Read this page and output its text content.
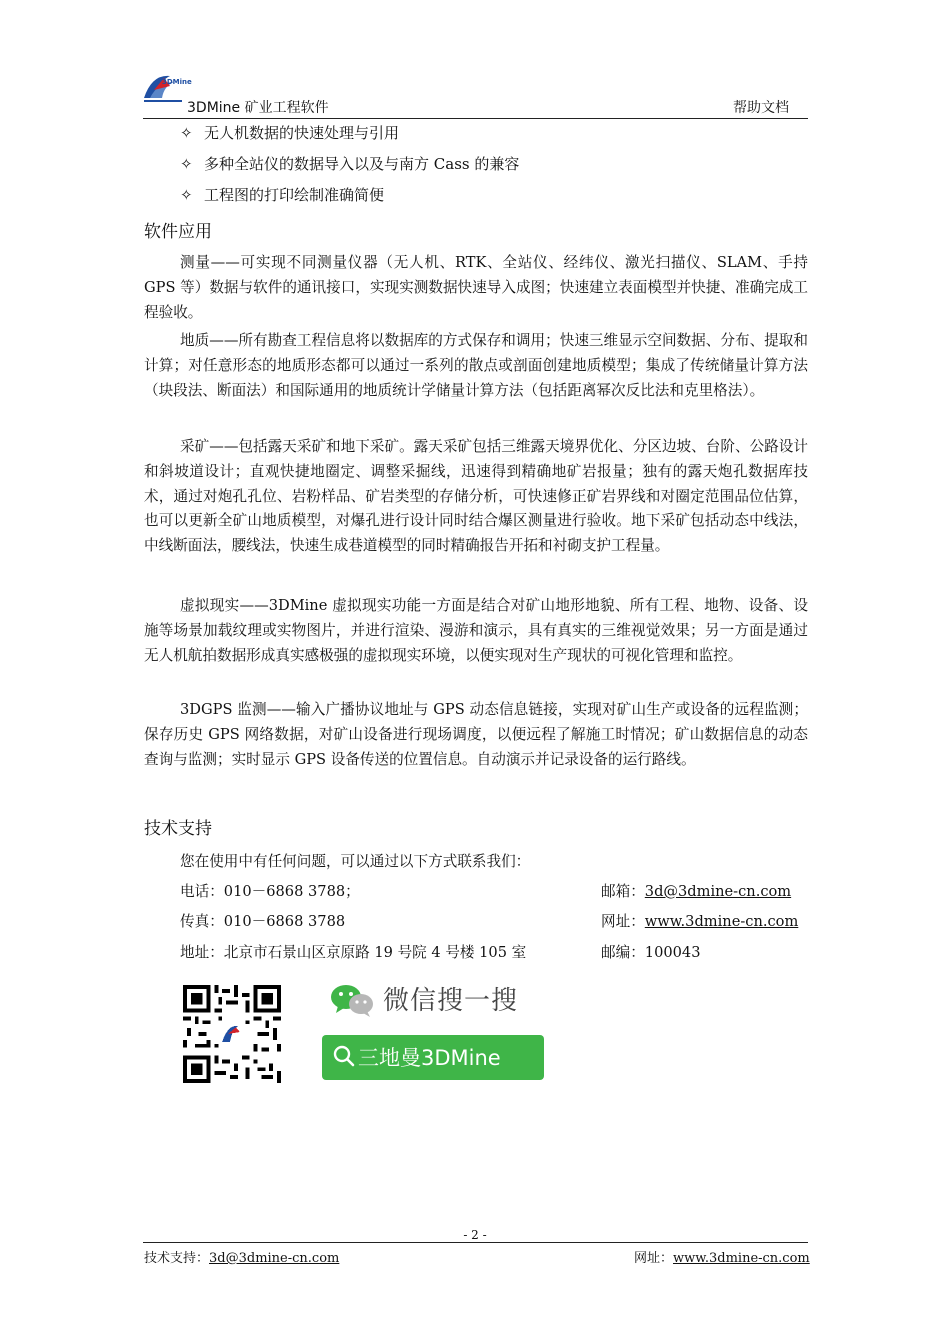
3DMine
3DMine 矿业工程软件	帮助文档
✧ 无人机数据的快速处理与引用
✧ 多种全站仪的数据导入以及与南方 Cass 的兼容
✧ 工程图的打印绘制准确简便
软件应用
测量——可实现不同测量仪器（无人机、RTK、全站仪、经纬仪、激光扫描仪、SLAM、手持 GPS 等）数据与软件的通讯接口，实现实测数据快速导入成图；快速建立表面模型并快捷、准确完成工程验收。
地质——所有勘查工程信息将以数据库的方式保存和调用；快速三维显示空间数据、分布、提取和计算；对任意形态的地质形态都可以通过一系列的散点或剖面创建地质模型；集成了传统储量计算方法（块段法、断面法）和国际通用的地质统计学储量计算方法（包括距离幂次反比法和克里格法）。
采矿——包括露天采矿和地下采矿。露天采矿包括三维露天境界优化、分区边坡、台阶、公路设计和斜坡道设计；直观快捷地圈定、调整采掘线，迅速得到精确地矿岩报量；独有的露天炮孔数据库技术，通过对炮孔孔位、岩粉样品、矿岩类型的存储分析，可快速修正矿岩界线和对圈定范围品位估算，也可以更新全矿山地质模型，对爆孔进行设计同时结合爆区测量进行验收。地下采矿包括动态中线法，中线断面法，腰线法，快速生成巷道模型的同时精确报告开拓和衬砌支护工程量。
虚拟现实——3DMine 虚拟现实功能一方面是结合对矿山地形地貌、所有工程、地物、设备、设施等场景加载纹理或实物图片，并进行渲染、漫游和演示，具有真实的三维视觉效果；另一方面是通过无人机航拍数据形成真实感极强的虚拟现实环境，以便实现对生产现状的可视化管理和监控。
3DGPS 监测——输入广播协议地址与 GPS 动态信息链接，实现对矿山生产或设备的远程监测；保存历史 GPS 网络数据，对矿山设备进行现场调度，以便远程了解施工时情况；矿山数据信息的动态查询与监测；实时显示 GPS 设备传送的位置信息。自动演示并记录设备的运行路线。
技术支持
您在使用中有任何问题，可以通过以下方式联系我们：
电话：010－6868 3788；
传真：010－6868 3788
地址：北京市石景山区京原路 19 号院 4 号楼 105 室
邮箱：3d@3dmine-cn.com
网址：www.3dmine-cn.com
邮编：100043
微信搜一搜
三地曼3DMine
- 2 -
技术支持：3d@3dmine-cn.com	网址：www.3dmine-cn.com
